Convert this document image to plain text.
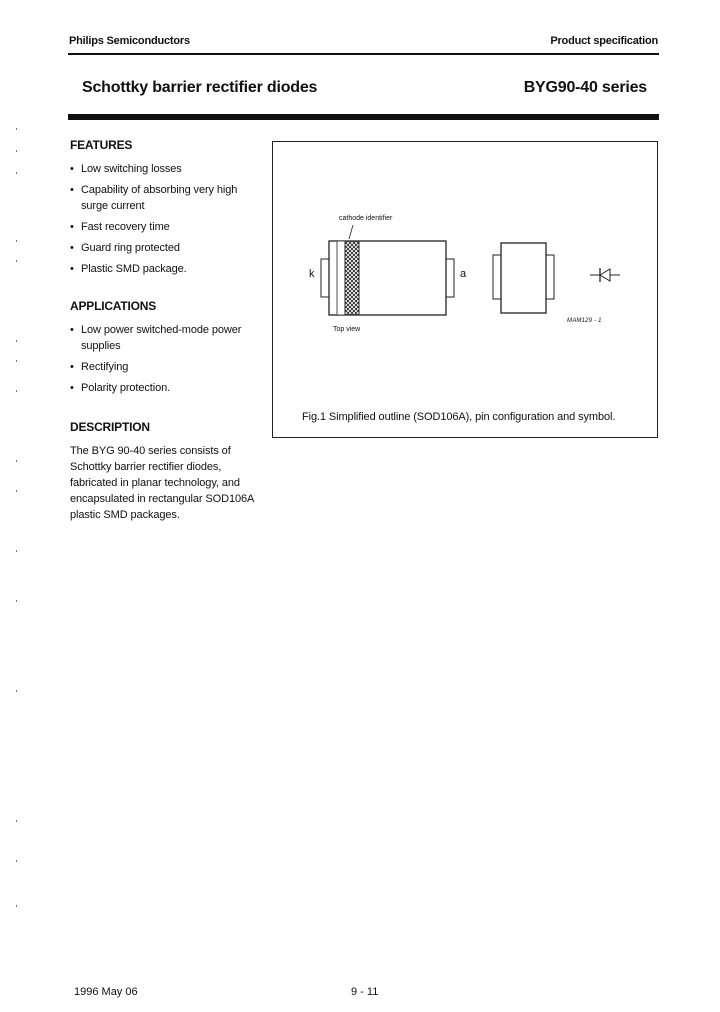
Philips Semiconductors	Product specification
Schottky barrier rectifier diodes	BYG90-40 series
FEATURES
• Low switching losses
• Capability of absorbing very high surge current
• Fast recovery time
• Guard ring protected
• Plastic SMD package.
APPLICATIONS
• Low power switched-mode power supplies
• Rectifying
• Polarity protection.
DESCRIPTION
The BYG 90-40 series consists of Schottky barrier rectifier diodes, fabricated in planar technology, and encapsulated in rectangular SOD106A plastic SMD packages.
cathode identifier
k	a
Top view
MAM129 - 1
Fig.1 Simplified outline (SOD106A), pin configuration and symbol.
1996 May 06	9 - 11
